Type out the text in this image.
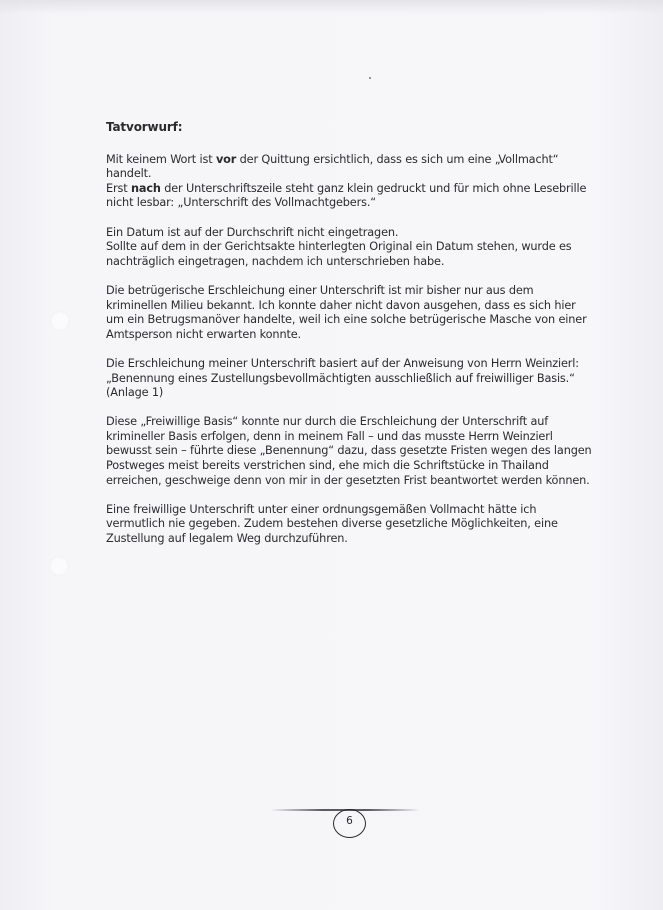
Tatvorwurf:
Mit keinem Wort ist vor der Quittung ersichtlich, dass es sich um eine „Vollmacht“
handelt.
Erst nach der Unterschriftszeile steht ganz klein gedruckt und für mich ohne Lesebrille
nicht lesbar: „Unterschrift des Vollmachtgebers.“
Ein Datum ist auf der Durchschrift nicht eingetragen.
Sollte auf dem in der Gerichtsakte hinterlegten Original ein Datum stehen, wurde es
nachträglich eingetragen, nachdem ich unterschrieben habe.
Die betrügerische Erschleichung einer Unterschrift ist mir bisher nur aus dem
kriminellen Milieu bekannt. Ich konnte daher nicht davon ausgehen, dass es sich hier
um ein Betrugsmanöver handelte, weil ich eine solche betrügerische Masche von einer
Amtsperson nicht erwarten konnte.
Die Erschleichung meiner Unterschrift basiert auf der Anweisung von Herrn Weinzierl:
„Benennung eines Zustellungsbevollmächtigten ausschließlich auf freiwilliger Basis.“
(Anlage 1)
Diese „Freiwillige Basis“ konnte nur durch die Erschleichung der Unterschrift auf
krimineller Basis erfolgen, denn in meinem Fall – und das musste Herrn Weinzierl
bewusst sein – führte diese „Benennung“ dazu, dass gesetzte Fristen wegen des langen
Postweges meist bereits verstrichen sind, ehe mich die Schriftstücke in Thailand
erreichen, geschweige denn von mir in der gesetzten Frist beantwortet werden können.
Eine freiwillige Unterschrift unter einer ordnungsgemäßen Vollmacht hätte ich
vermutlich nie gegeben. Zudem bestehen diverse gesetzliche Möglichkeiten, eine
Zustellung auf legalem Weg durchzuführen.
6
